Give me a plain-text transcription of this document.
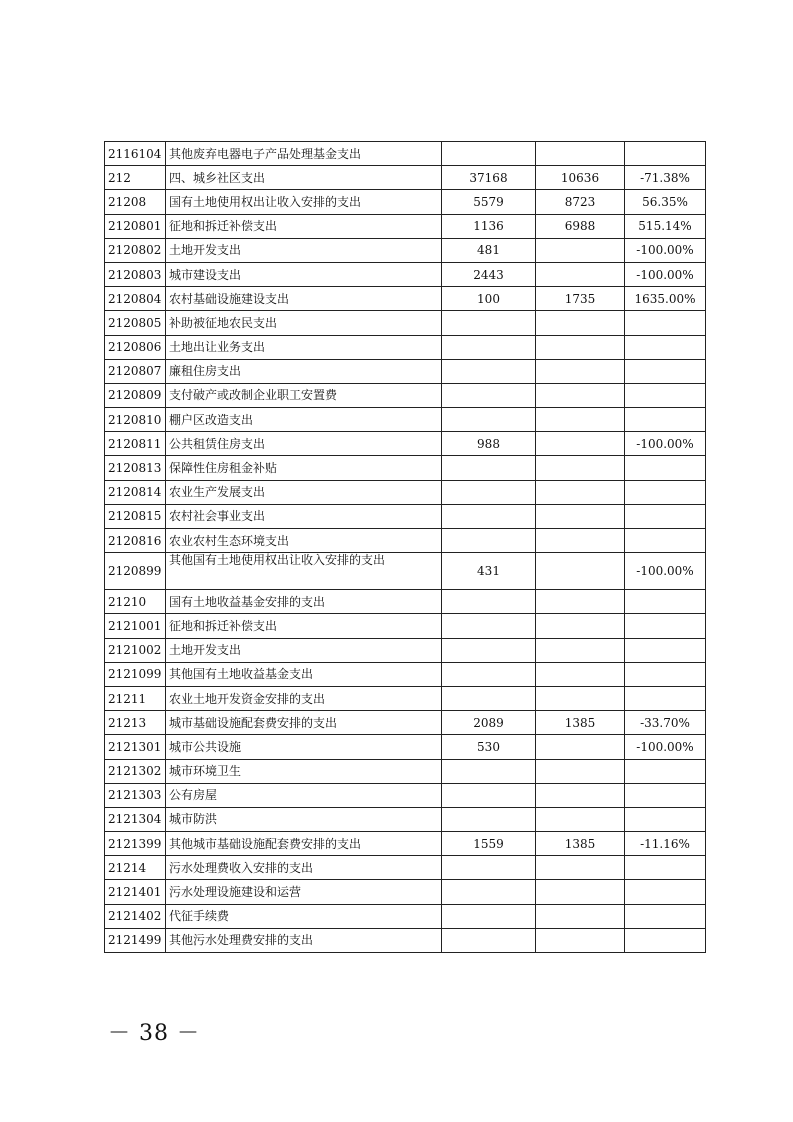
2116104	其他废弃电器电子产品处理基金支出			
212	四、城乡社区支出	37168	10636	-71.38%
21208	国有土地使用权出让收入安排的支出	5579	8723	56.35%
2120801	征地和拆迁补偿支出	1136	6988	515.14%
2120802	土地开发支出	481		-100.00%
2120803	城市建设支出	2443		-100.00%
2120804	农村基础设施建设支出	100	1735	1635.00%
2120805	补助被征地农民支出			
2120806	土地出让业务支出			
2120807	廉租住房支出			
2120809	支付破产或改制企业职工安置费			
2120810	棚户区改造支出			
2120811	公共租赁住房支出	988		-100.00%
2120813	保障性住房租金补贴			
2120814	农业生产发展支出			
2120815	农村社会事业支出			
2120816	农业农村生态环境支出			
2120899	其他国有土地使用权出让收入安排的支出	431		-100.00%
21210	国有土地收益基金安排的支出			
2121001	征地和拆迁补偿支出			
2121002	土地开发支出			
2121099	其他国有土地收益基金支出			
21211	农业土地开发资金安排的支出			
21213	城市基础设施配套费安排的支出	2089	1385	-33.70%
2121301	城市公共设施	530		-100.00%
2121302	城市环境卫生			
2121303	公有房屋			
2121304	城市防洪			
2121399	其他城市基础设施配套费安排的支出	1559	1385	-11.16%
21214	污水处理费收入安排的支出			
2121401	污水处理设施建设和运营			
2121402	代征手续费			
2121499	其他污水处理费安排的支出			
－ 38 －
